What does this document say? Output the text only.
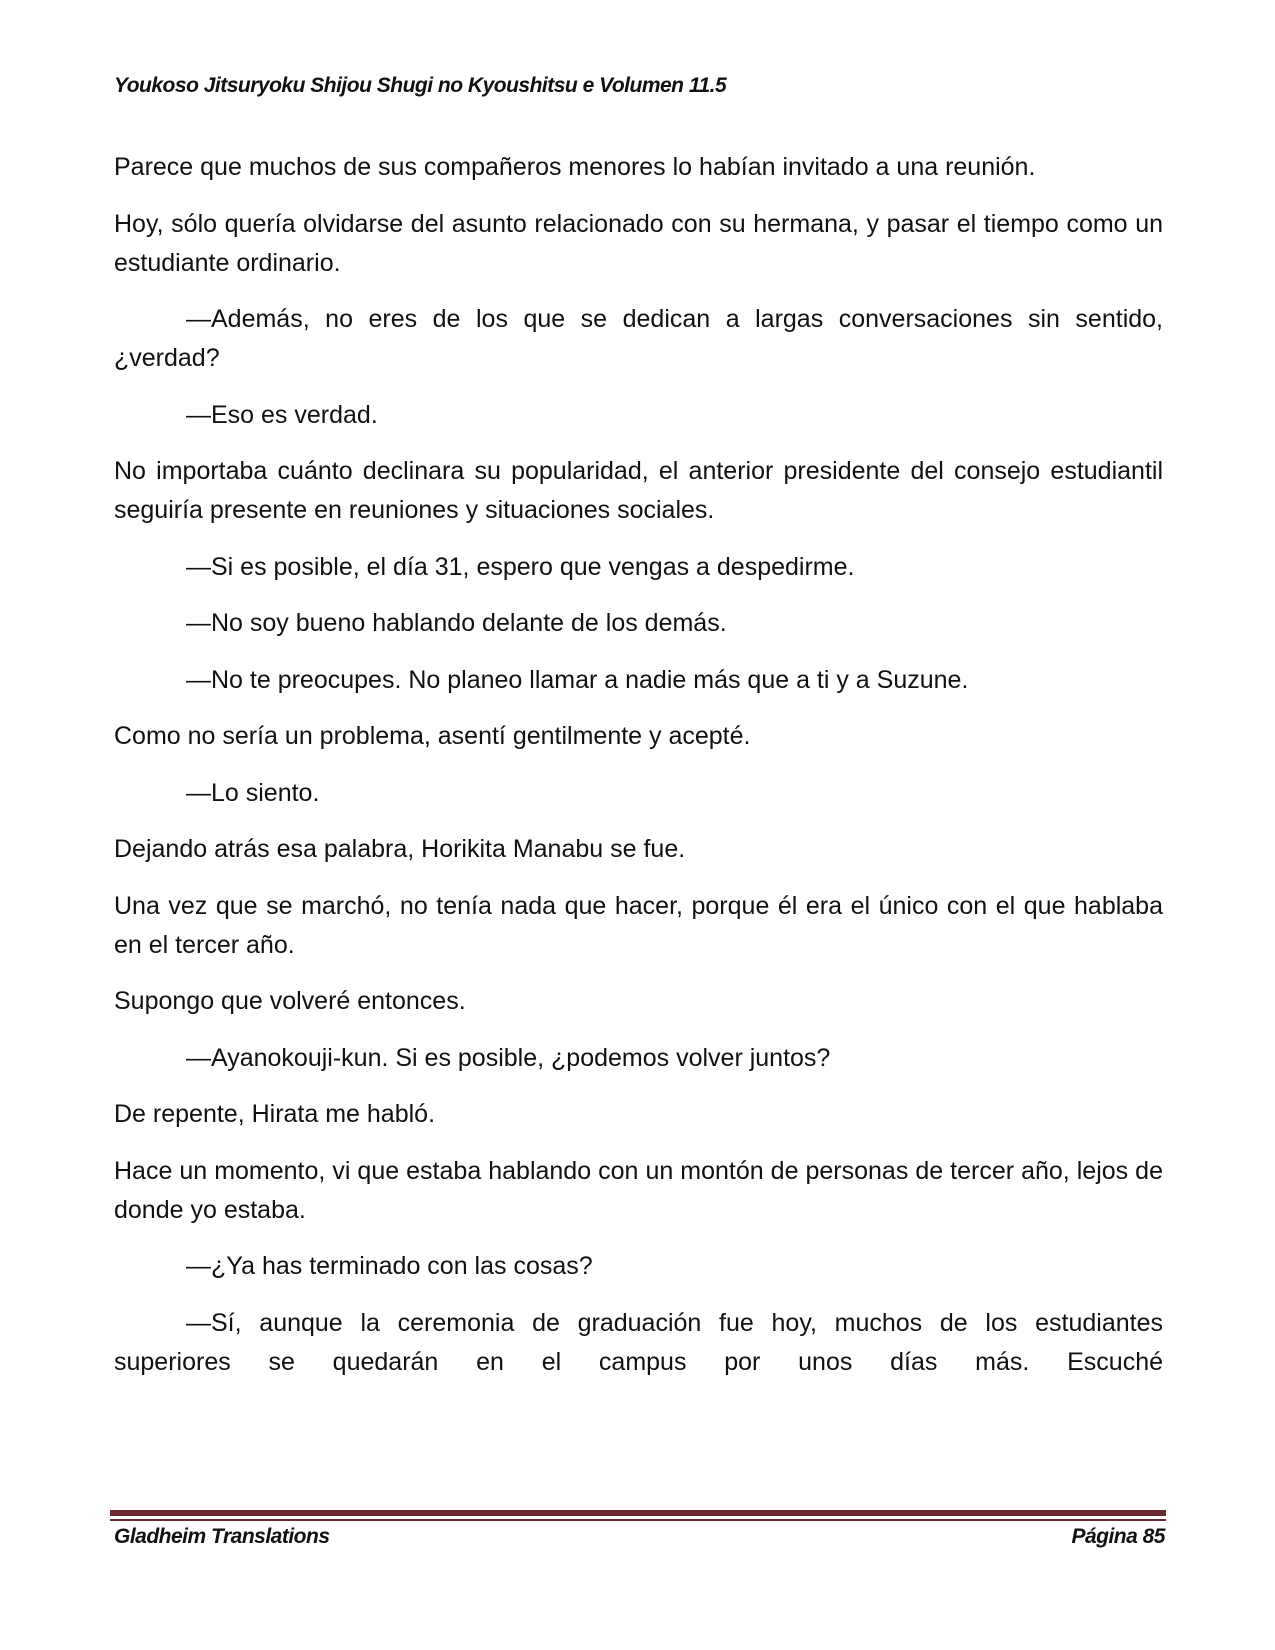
Youkoso Jitsuryoku Shijou Shugi no Kyoushitsu e Volumen 11.5

Parece que muchos de sus compañeros menores lo habían invitado a una reunión.

Hoy, sólo quería olvidarse del asunto relacionado con su hermana, y pasar el tiempo como un estudiante ordinario.

—Además, no eres de los que se dedican a largas conversaciones sin sentido, ¿verdad?

—Eso es verdad.

No importaba cuánto declinara su popularidad, el anterior presidente del consejo estudiantil seguiría presente en reuniones y situaciones sociales.

—Si es posible, el día 31, espero que vengas a despedirme.

—No soy bueno hablando delante de los demás.

—No te preocupes. No planeo llamar a nadie más que a ti y a Suzune.

Como no sería un problema, asentí gentilmente y acepté.

—Lo siento.

Dejando atrás esa palabra, Horikita Manabu se fue.

Una vez que se marchó, no tenía nada que hacer, porque él era el único con el que hablaba en el tercer año.

Supongo que volveré entonces.

—Ayanokouji-kun. Si es posible, ¿podemos volver juntos?

De repente, Hirata me habló.

Hace un momento, vi que estaba hablando con un montón de personas de tercer año, lejos de donde yo estaba.

—¿Ya has terminado con las cosas?

—Sí, aunque la ceremonia de graduación fue hoy, muchos de los estudiantes superiores se quedarán en el campus por unos días más. Escuché

Gladheim Translations	Página 85
